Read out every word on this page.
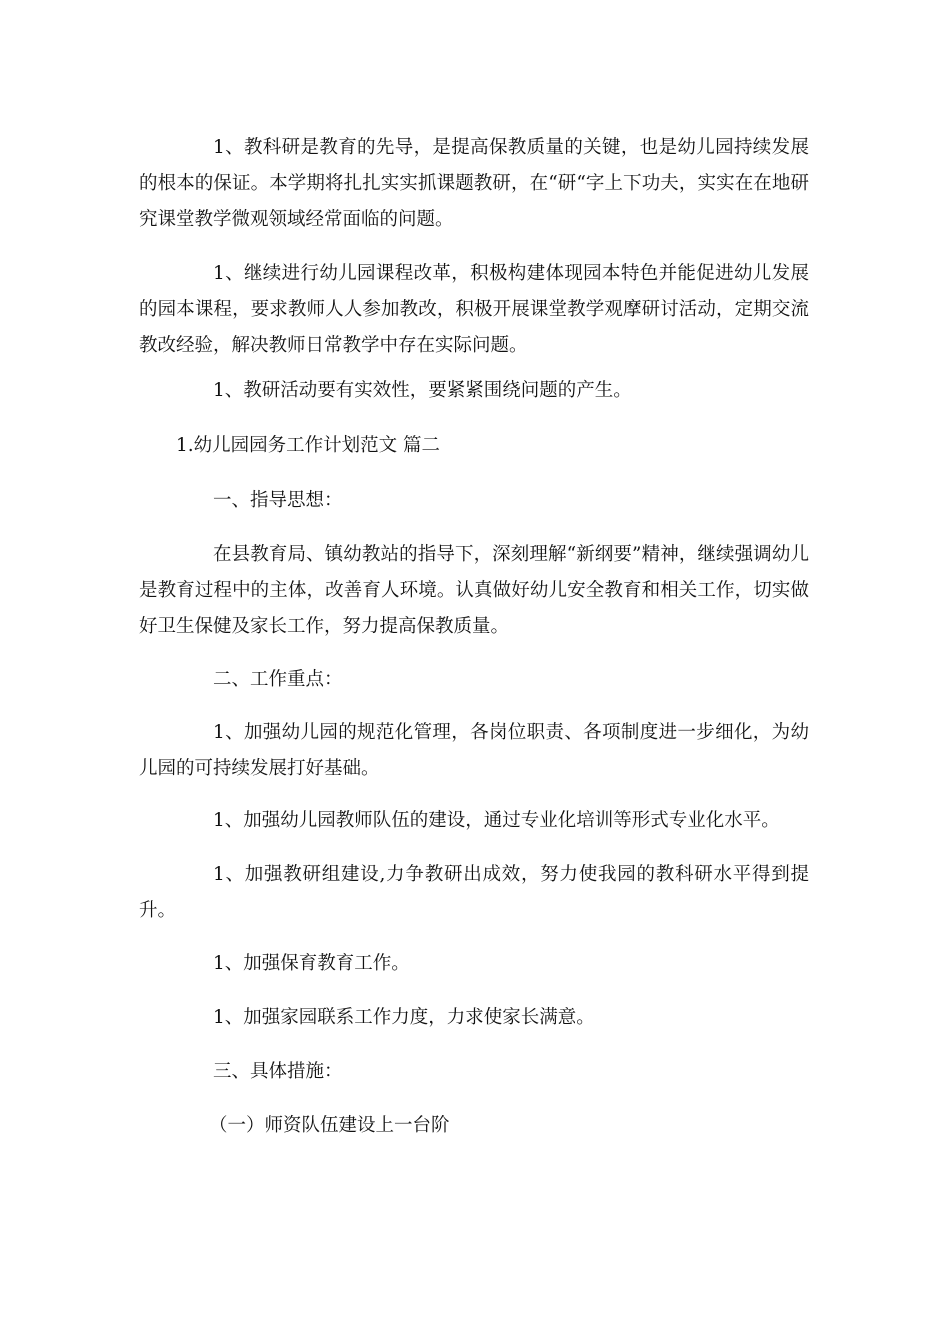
1、教科研是教育的先导，是提高保教质量的关键，也是幼儿园持续发展的根本的保证。本学期将扎扎实实抓课题教研，在“研“字上下功夫，实实在在地研究课堂教学微观领域经常面临的问题。

1、继续进行幼儿园课程改革，积极构建体现园本特色并能促进幼儿发展的园本课程，要求教师人人参加教改，积极开展课堂教学观摩研讨活动，定期交流教改经验，解决教师日常教学中存在实际问题。

1、教研活动要有实效性，要紧紧围绕问题的产生。

1.幼儿园园务工作计划范文 篇二

一、指导思想：

在县教育局、镇幼教站的指导下，深刻理解“新纲要”精神，继续强调幼儿是教育过程中的主体，改善育人环境。认真做好幼儿安全教育和相关工作，切实做好卫生保健及家长工作，努力提高保教质量。

二、工作重点：

1、加强幼儿园的规范化管理，各岗位职责、各项制度进一步细化，为幼儿园的可持续发展打好基础。

1、加强幼儿园教师队伍的建设，通过专业化培训等形式专业化水平。

1、加强教研组建设,力争教研出成效，努力使我园的教科研水平得到提升。

1、加强保育教育工作。

1、加强家园联系工作力度，力求使家长满意。

三、具体措施：

（一）师资队伍建设上一台阶
